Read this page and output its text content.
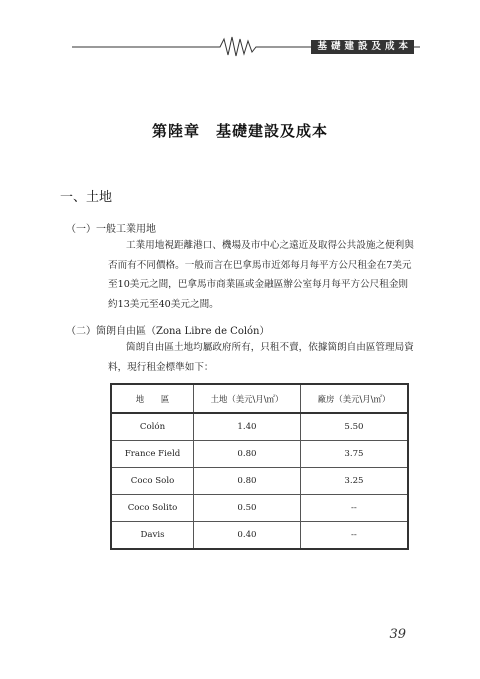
基礎建設及成本
第陸章　基礎建設及成本
一、土地
（一）一般工業用地

工業用地視距離港口、機場及市中心之遠近及取得公共設施之便利與

否而有不同價格。一般而言在巴拿馬市近郊每月每平方公尺租金在7美元

至10美元之間，巴拿馬市商業區或金融區辦公室每月每平方公尺租金則

約13美元至40美元之間。

（二）箇朗自由區（Zona Libre de Colón）

箇朗自由區土地均屬政府所有，只租不賣，依據箇朗自由區管理局資

料，現行租金標準如下：

地　　區	土地（美元\月\㎡）	廠房（美元\月\㎡）
Colón	1.40	5.50
France Field	0.80	3.75
Coco Solo	0.80	3.25
Coco Solito	0.50	--
Davis	0.40	--
39
